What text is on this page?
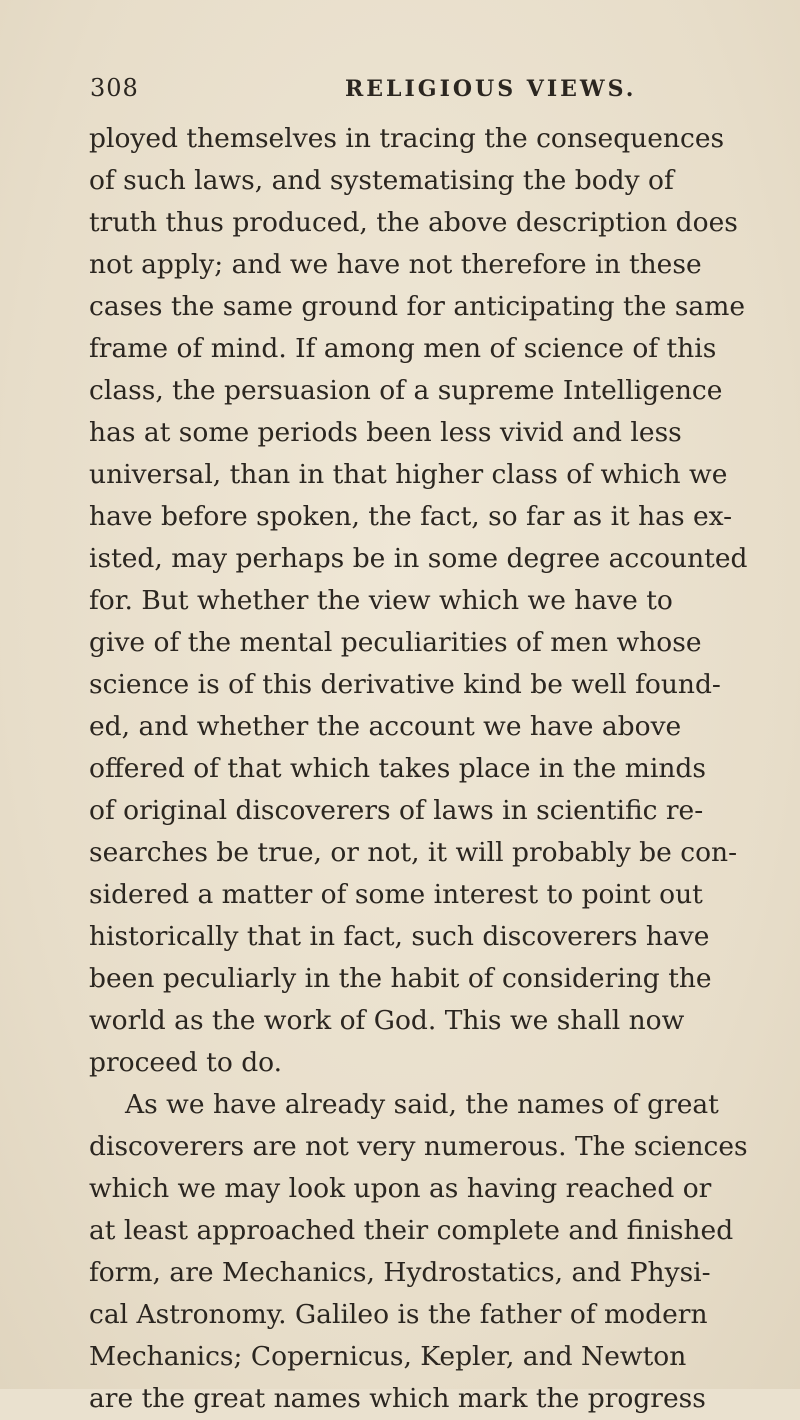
308	RELIGIOUS VIEWS.
ployed themselves in tracing the consequences
of such laws, and systematising the body of
truth thus produced, the above description does
not apply; and we have not therefore in these
cases the same ground for anticipating the same
frame of mind. If among men of science of this
class, the persuasion of a supreme Intelligence
has at some periods been less vivid and less
universal, than in that higher class of which we
have before spoken, the fact, so far as it has ex-
isted, may perhaps be in some degree accounted
for. But whether the view which we have to
give of the mental peculiarities of men whose
science is of this derivative kind be well found-
ed, and whether the account we have above
offered of that which takes place in the minds
of original discoverers of laws in scientific re-
searches be true, or not, it will probably be con-
sidered a matter of some interest to point out
historically that in fact, such discoverers have
been peculiarly in the habit of considering the
world as the work of God. This we shall now
proceed to do.
As we have already said, the names of great
discoverers are not very numerous. The sciences
which we may look upon as having reached or
at least approached their complete and finished
form, are Mechanics, Hydrostatics, and Physi-
cal Astronomy. Galileo is the father of modern
Mechanics; Copernicus, Kepler, and Newton
are the great names which mark the progress
